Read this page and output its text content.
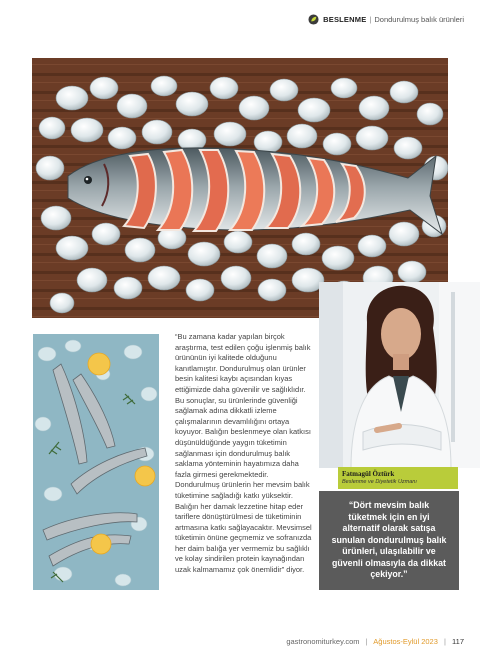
BESLENME | Dondurulmuş balık ürünleri

“Bu zamana kadar yapılan birçok araştırma, test edilen çoğu işlenmiş balık ürününün iyi kalitede olduğunu kanıtlamıştır. Dondurulmuş olan ürünler besin kalitesi kaybı açısından kıyas ettiğimizde daha güvenilir ve sağlıklıdır. Bu sonuçlar, su ürünlerinde güvenliği sağlamak adına dikkatli izleme çalışmalarının devamlılığını ortaya koyuyor. Balığın beslenmeye olan katkısı düşünüldüğünde yaygın tüketimin sağlanması için dondurulmuş balık saklama yönteminin hayatımıza daha fazla girmesi gerekmektedir. Dondurulmuş ürünlerin her mevsim balık tüketimine sağladığı katkı yüksektir. Balığın her damak lezzetine hitap eder tariflere dönüştürülmesi de tüketiminin artmasına katkı sağlayacaktır. Mevsimsel tüketimin önüne geçmemiz ve sofranızda her daim balığa yer vermemiz bu sağlıklı ve kolay sindirilen protein kaynağından uzak kalmamamız çok önemlidir” diyor.

Fatmagül Öztürk
Beslenme ve Diyetetik Uzmanı
“Dört mevsim balık tüketmek için en iyi alternatif olarak satışa sunulan dondurulmuş balık ürünleri, ulaşılabilir ve güvenli olmasıyla da dikkat çekiyor.”
gastronomiturkey.com | Ağustos-Eylül 2023 | 117
